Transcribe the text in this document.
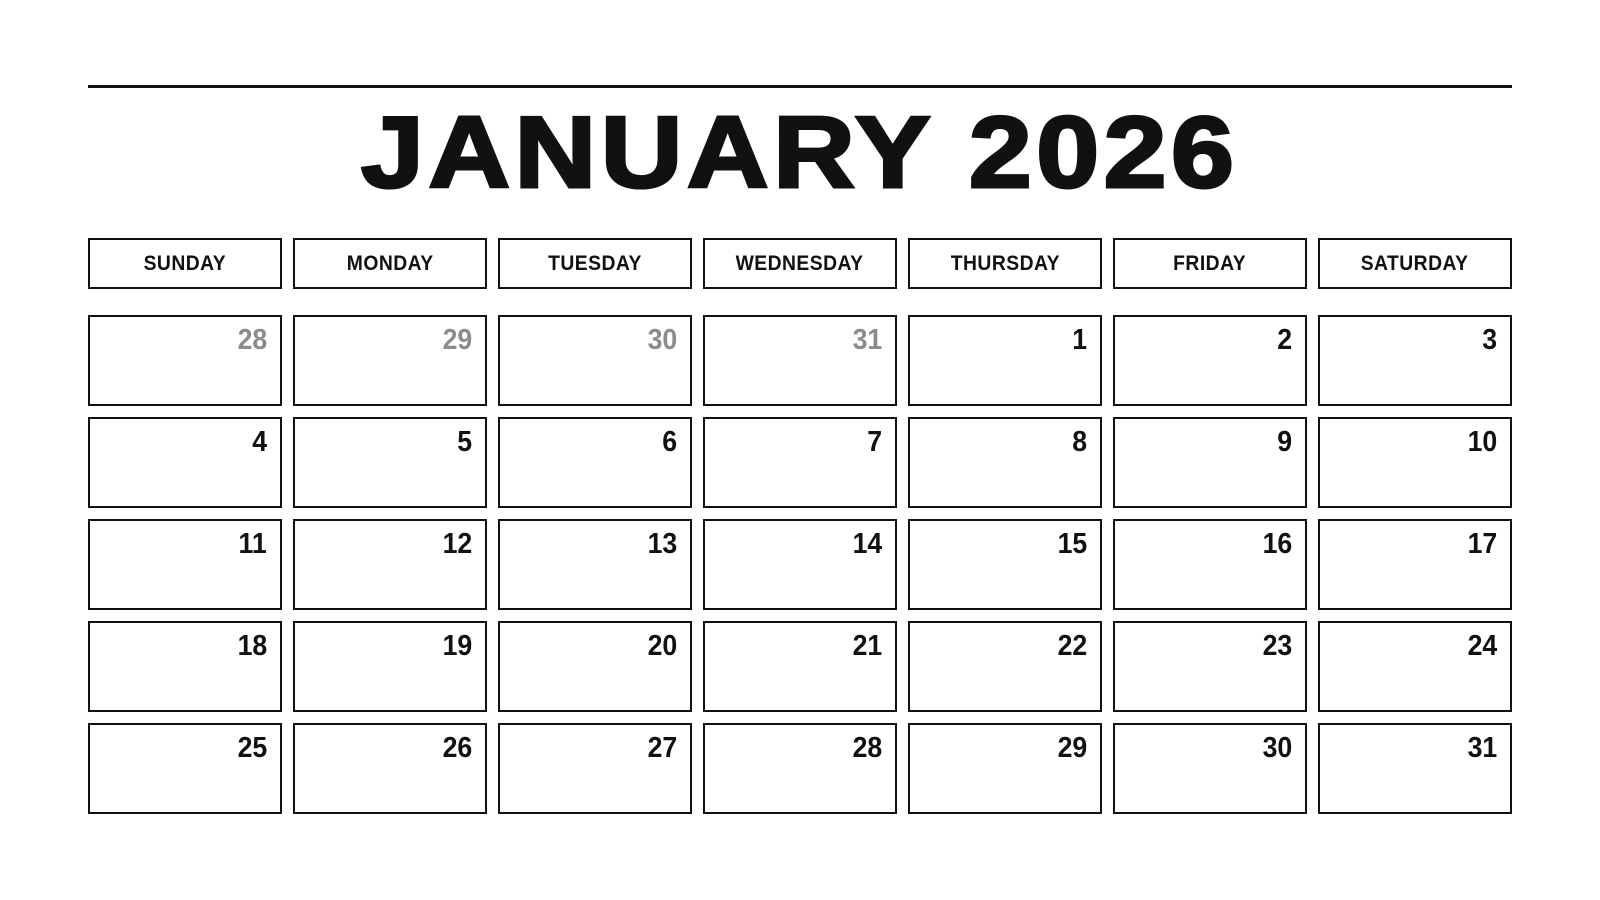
JANUARY 2026
SUNDAY	MONDAY	TUESDAY	WEDNESDAY	THURSDAY	FRIDAY	SATURDAY
28	29	30	31	1	2	3
4	5	6	7	8	9	10
11	12	13	14	15	16	17
18	19	20	21	22	23	24
25	26	27	28	29	30	31
